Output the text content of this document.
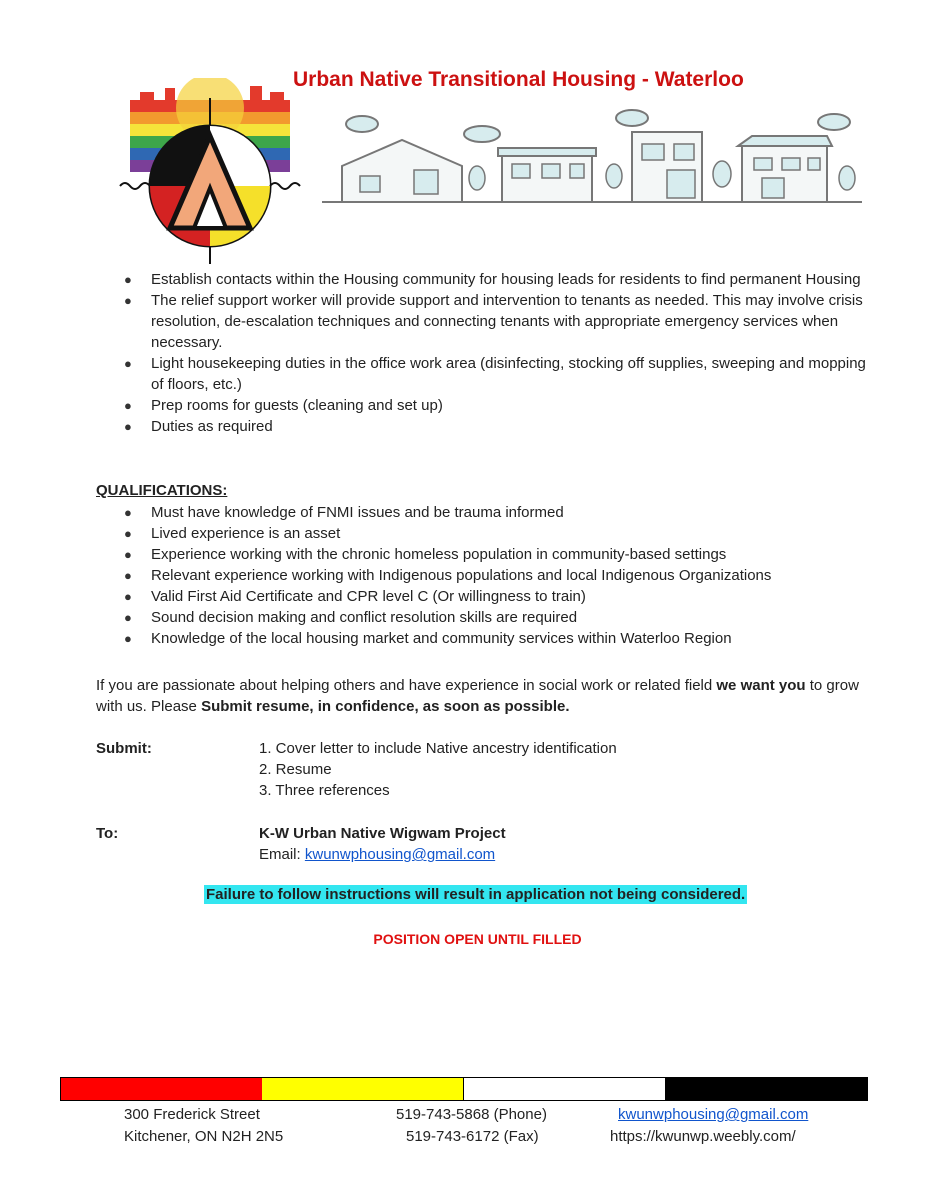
Urban Native Transitional Housing - Waterloo
● Establish contacts within the Housing community for housing leads for residents to find permanent Housing
● The relief support worker will provide support and intervention to tenants as needed. This may involve crisis resolution, de-escalation techniques and connecting tenants with appropriate emergency services when necessary.
● Light housekeeping duties in the office work area (disinfecting, stocking off supplies, sweeping and mopping of floors, etc.)
● Prep rooms for guests (cleaning and set up)
● Duties as required
QUALIFICATIONS:
● Must have knowledge of FNMI issues and be trauma informed
● Lived experience is an asset
● Experience working with the chronic homeless population in community-based settings
● Relevant experience working with Indigenous populations and local Indigenous Organizations
● Valid First Aid Certificate and CPR level C (Or willingness to train)
● Sound decision making and conflict resolution skills are required
● Knowledge of the local housing market and community services within Waterloo Region
If you are passionate about helping others and have experience in social work or related field we want you to grow with us. Please Submit resume, in confidence, as soon as possible.
Submit:	1. Cover letter to include Native ancestry identification
2. Resume
3. Three references
To:	K-W Urban Native Wigwam Project
Email: kwunwphousing@gmail.com
Failure to follow instructions will result in application not being considered.
POSITION OPEN UNTIL FILLED
300 Frederick Street
Kitchener, ON N2H 2N5
519-743-5868 (Phone)
519-743-6172 (Fax)
kwunwphousing@gmail.com
https://kwunwp.weebly.com/
